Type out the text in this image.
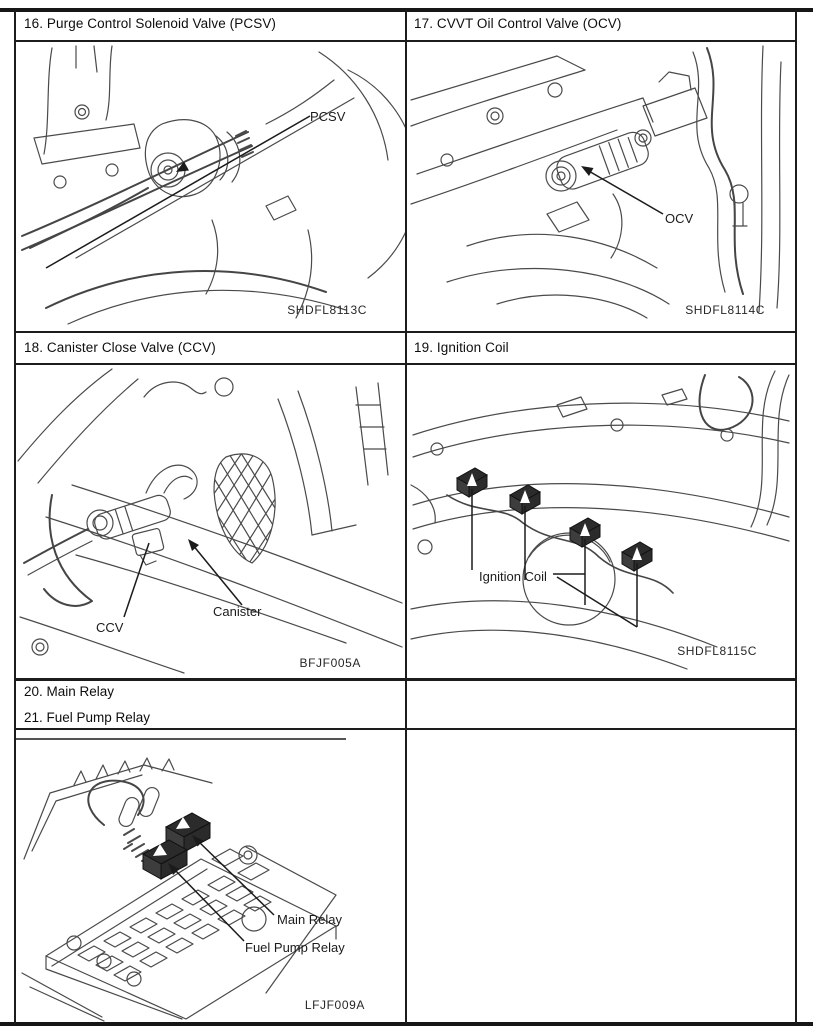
16. Purge Control Solenoid Valve (PCSV)	17. CVVT Oil Control Valve (OCV)
18. Canister Close Valve (CCV)	19. Ignition Coil
20. Main Relay
21. Fuel Pump Relay
PCSV
SHDFL8113C
OCV
SHDFL8114C
CCV
Canister
BFJF005A
Ignition Coil
SHDFL8115C
Main Relay
Fuel Pump Relay
LFJF009A
